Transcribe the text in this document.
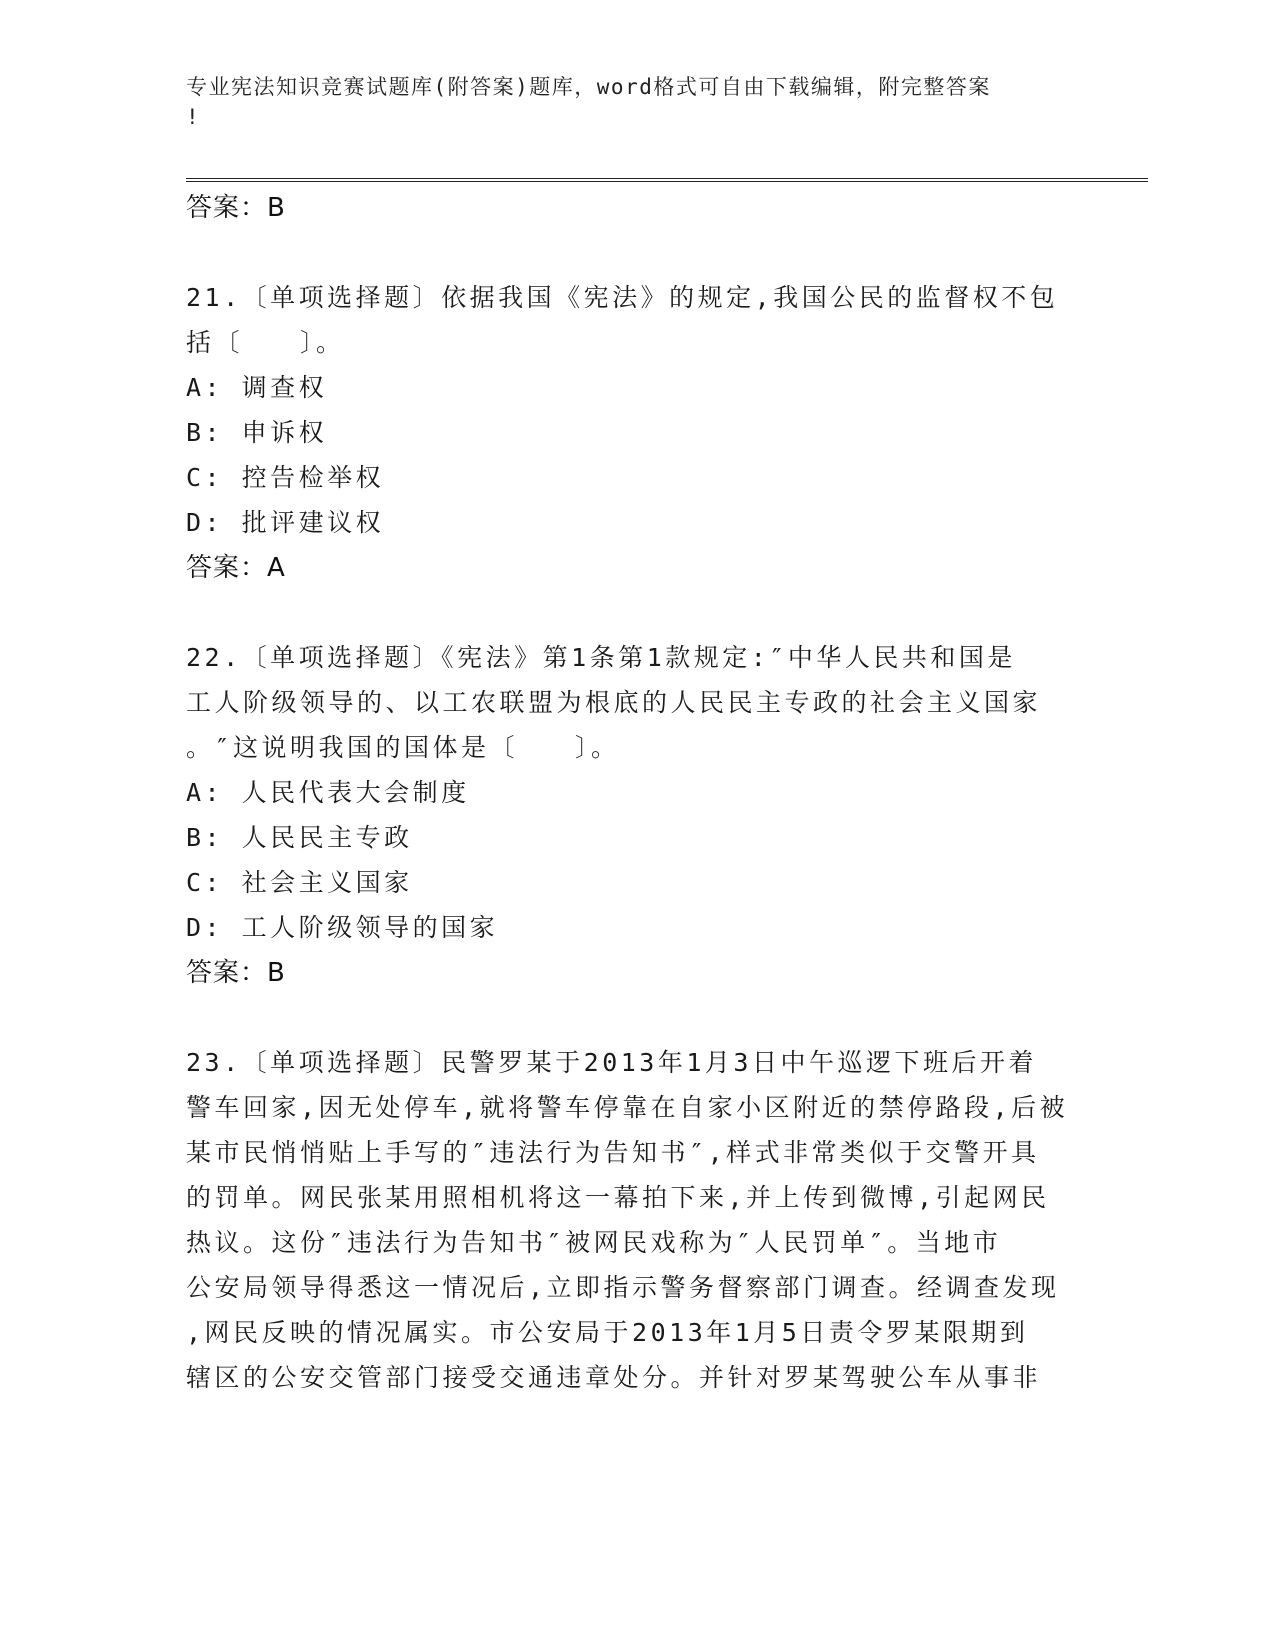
专业宪法知识竞赛试题库(附答案)题库，word格式可自由下载编辑，附完整答案
!
答案：B
21.〔单项选择题〕依据我国《宪法》的规定,我国公民的监督权不包
括〔　　〕。
A: 调查权
B: 申诉权
C: 控告检举权
D: 批评建议权
答案：A
22.〔单项选择题〕《宪法》第1条第1款规定:″中华人民共和国是
工人阶级领导的、以工农联盟为根底的人民民主专政的社会主义国家
。″这说明我国的国体是〔　　〕。
A: 人民代表大会制度
B: 人民民主专政
C: 社会主义国家
D: 工人阶级领导的国家
答案：B
23.〔单项选择题〕民警罗某于2013年1月3日中午巡逻下班后开着
警车回家,因无处停车,就将警车停靠在自家小区附近的禁停路段,后被
某市民悄悄贴上手写的″违法行为告知书″,样式非常类似于交警开具
的罚单。网民张某用照相机将这一幕拍下来,并上传到微博,引起网民
热议。这份″违法行为告知书″被网民戏称为″人民罚单″。当地市
公安局领导得悉这一情况后,立即指示警务督察部门调查。经调查发现
,网民反映的情况属实。市公安局于2013年1月5日责令罗某限期到
辖区的公安交管部门接受交通违章处分。并针对罗某驾驶公车从事非
